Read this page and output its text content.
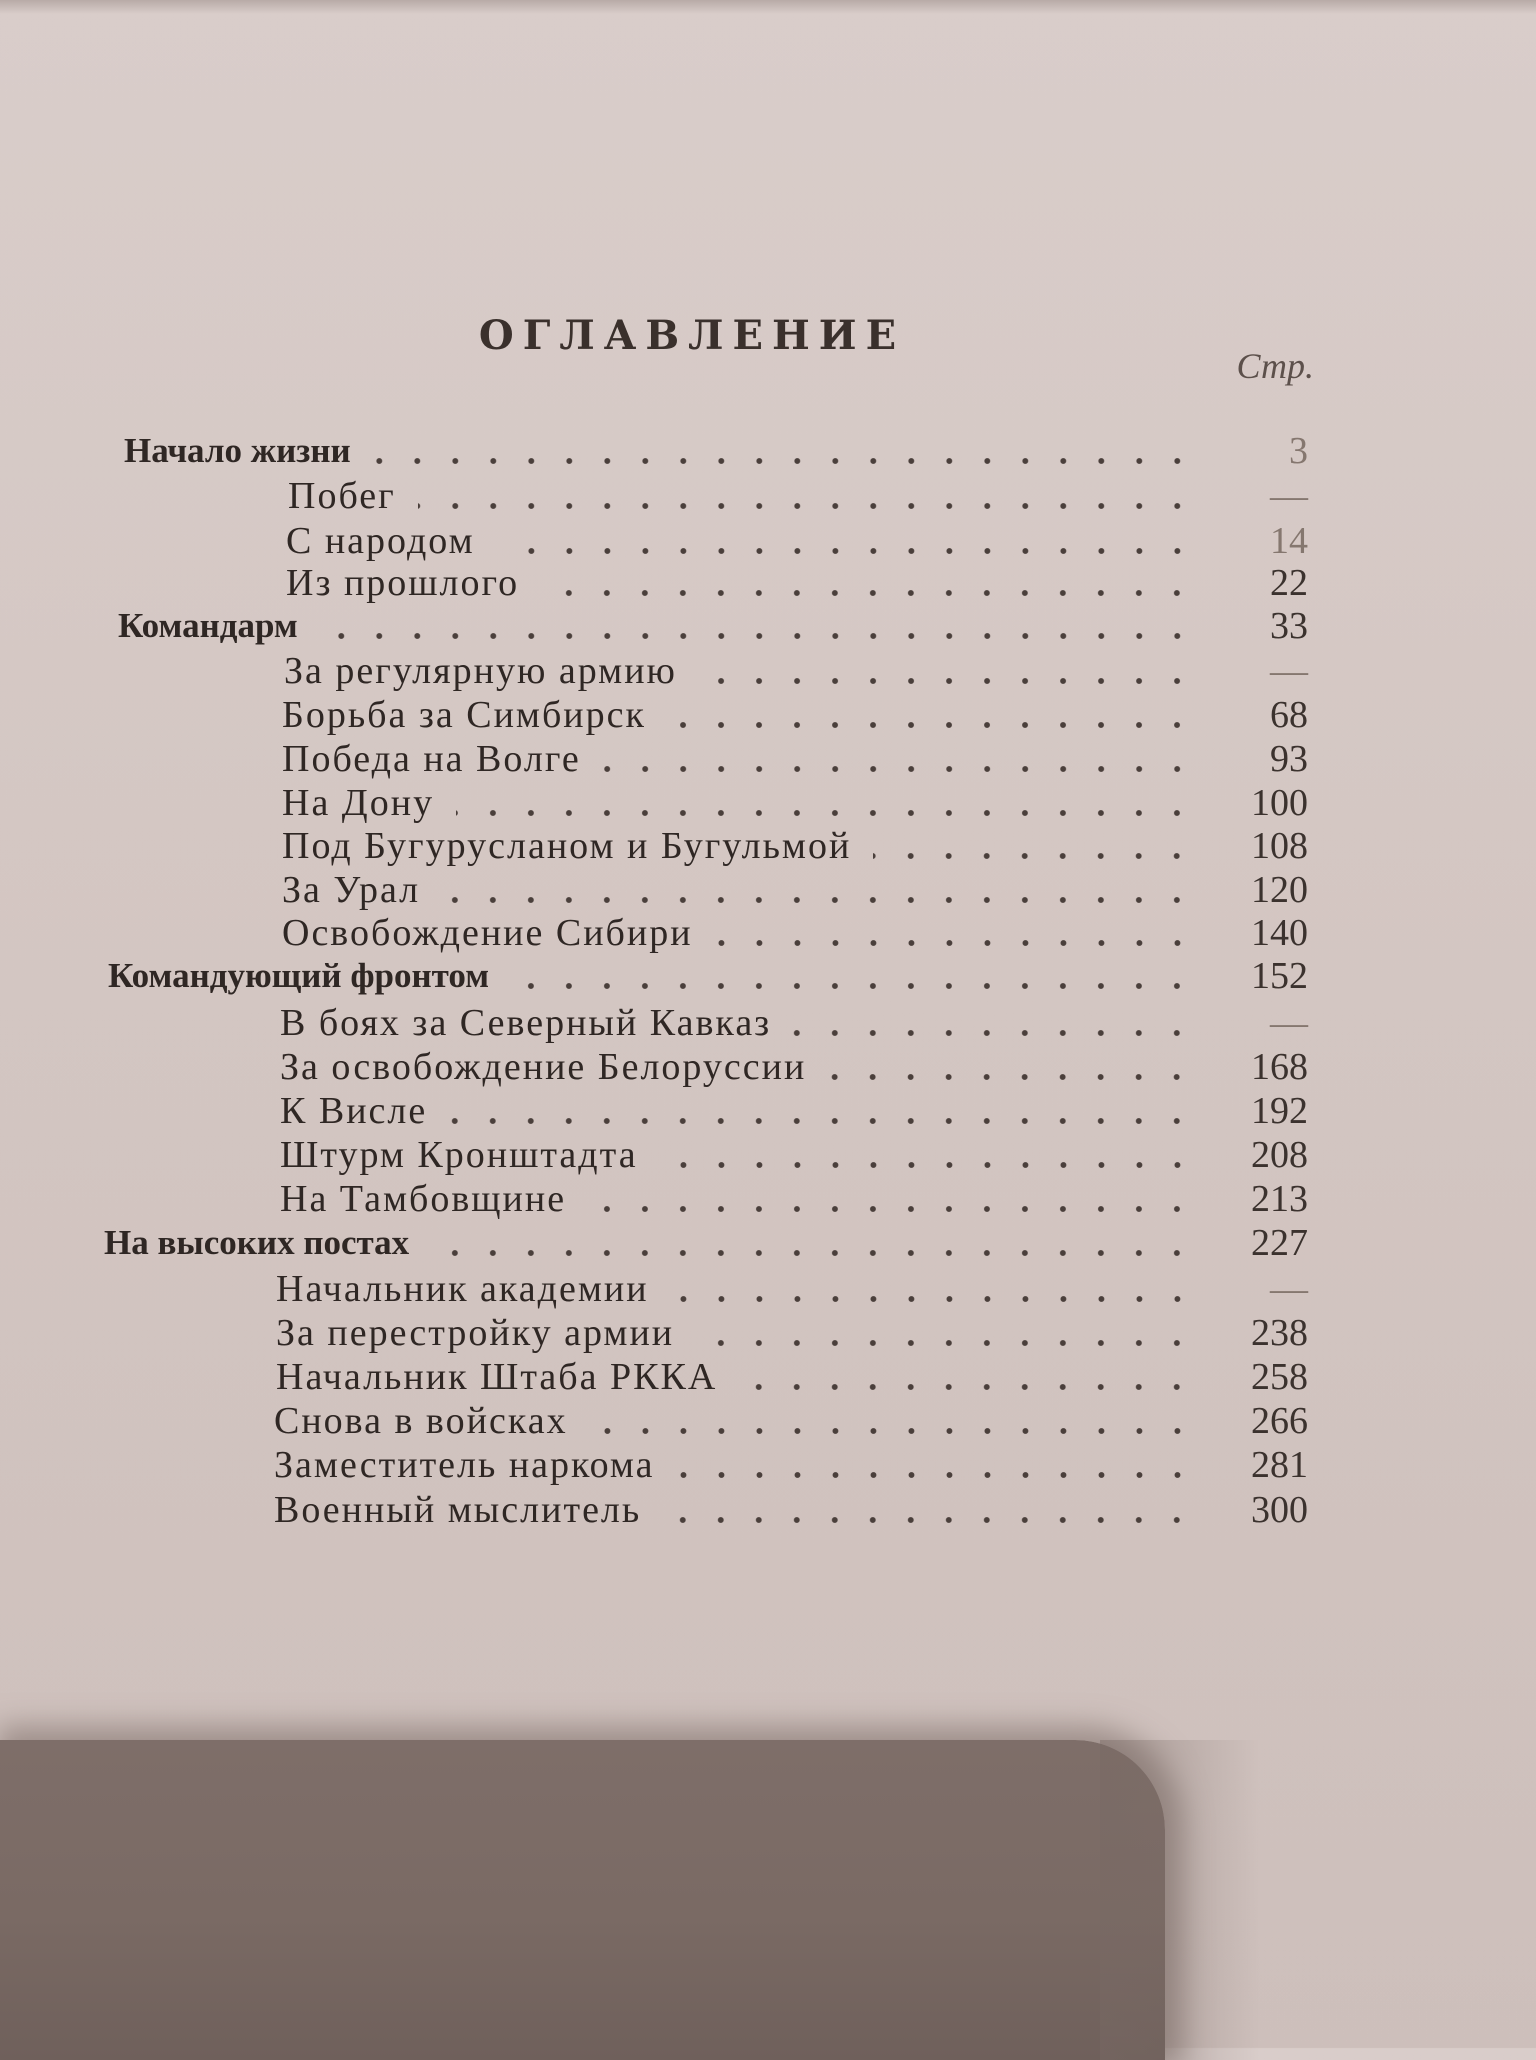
ОГЛАВЛЕНИЕ
Стр.
Начало жизни	3
Побег	—
С народом	14
Из прошлого	22
Командарм	33
За регулярную армию	—
Борьба за Симбирск	68
Победа на Волге	93
На Дону	100
Под Бугурусланом и Бугульмой	108
За Урал	120
Освобождение Сибири	140
Командующий фронтом	152
В боях за Северный Кавказ	—
За освобождение Белоруссии	168
К Висле	192
Штурм Кронштадта	208
На Тамбовщине	213
На высоких постах	227
Начальник академии	—
За перестройку армии	238
Начальник Штаба РККА	258
Снова в войсках	266
Заместитель наркома	281
Военный мыслитель	300
